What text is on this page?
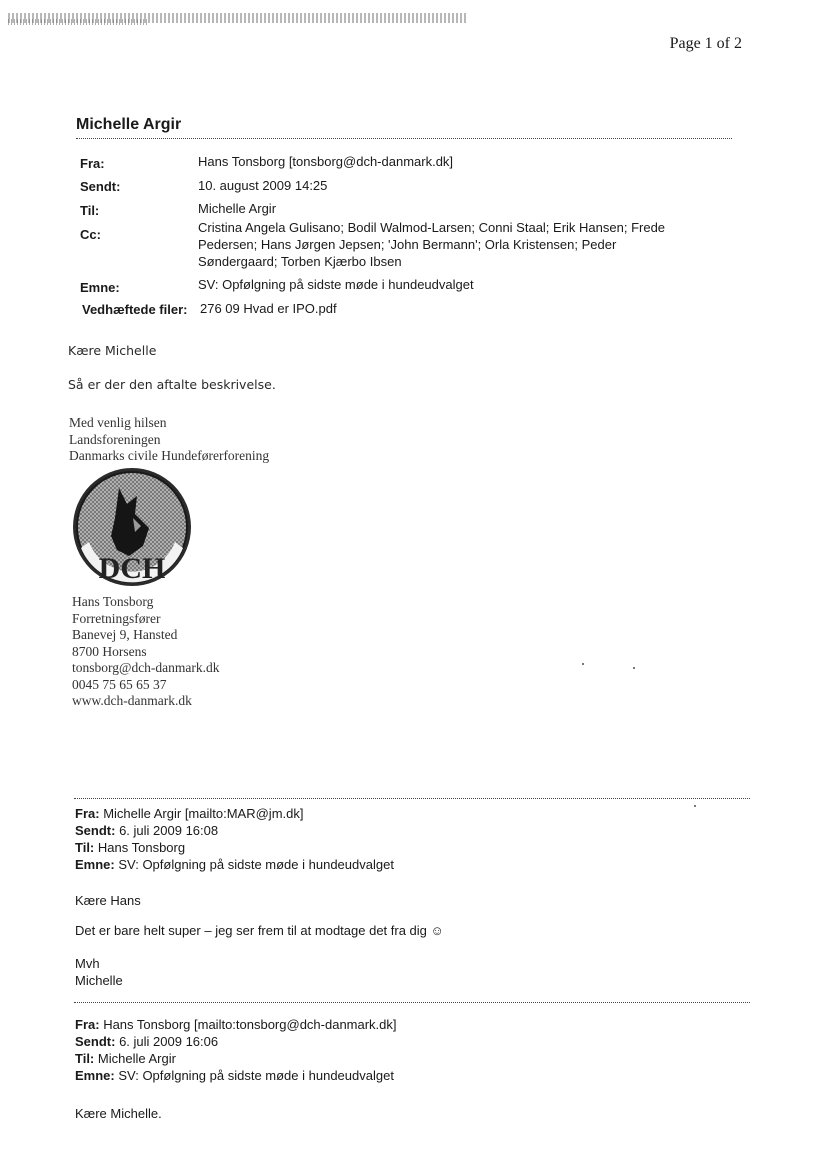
Page 1 of 2
Michelle Argir
Fra:	Hans Tonsborg [tonsborg@dch-danmark.dk]
Sendt:	10. august 2009 14:25
Til:	Michelle Argir
Cc:	Cristina Angela Gulisano; Bodil Walmod-Larsen; Conni Staal; Erik Hansen; Frede
Pedersen; Hans Jørgen Jepsen; 'John Bermann'; Orla Kristensen; Peder
Søndergaard; Torben Kjærbo Ibsen
Emne:	SV: Opfølgning på sidste møde i hundeudvalget
Vedhæftede filer: 276 09 Hvad er IPO.pdf
Kære Michelle
Så er der den aftalte beskrivelse.
Med venlig hilsen
Landsforeningen
Danmarks civile Hundeførerforening
DCH
Hans Tonsborg
Forretningsfører
Banevej 9, Hansted
8700 Horsens
tonsborg@dch-danmark.dk
0045 75 65 65 37
www.dch-danmark.dk
Fra: Michelle Argir [mailto:MAR@jm.dk]
Sendt: 6. juli 2009 16:08
Til: Hans Tonsborg
Emne: SV: Opfølgning på sidste møde i hundeudvalget
Kære Hans
Det er bare helt super – jeg ser frem til at modtage det fra dig ☺
Mvh
Michelle
Fra: Hans Tonsborg [mailto:tonsborg@dch-danmark.dk]
Sendt: 6. juli 2009 16:06
Til: Michelle Argir
Emne: SV: Opfølgning på sidste møde i hundeudvalget
Kære Michelle.
